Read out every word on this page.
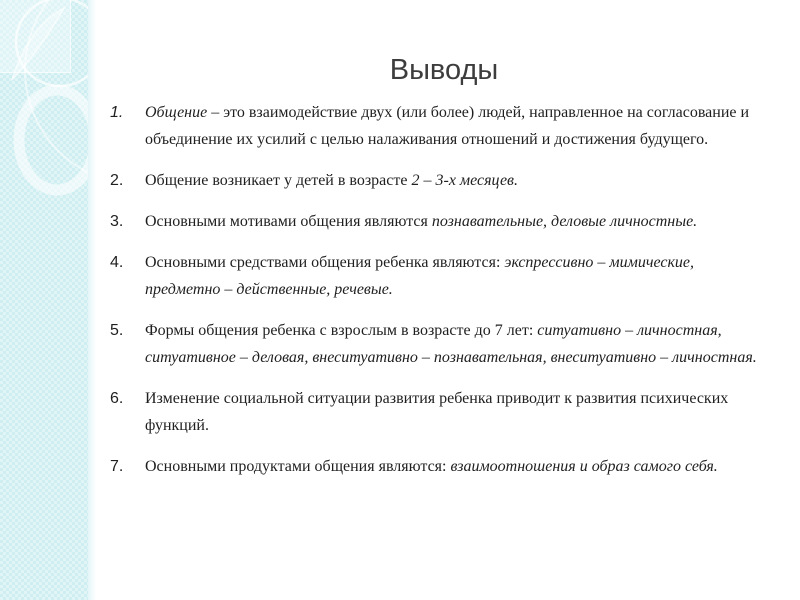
Выводы
1.	Общение – это взаимодействие двух (или более) людей, направленное на согласование и объединение их усилий с целью налаживания отношений и достижения будущего.
2.	Общение возникает у детей в возрасте 2 – 3-х месяцев.
3.	Основными мотивами общения являются познавательные, деловые личностные.
4.	Основными средствами общения ребенка являются: экспрессивно – мимические, предметно – действенные, речевые.
5.	Формы общения ребенка с взрослым в возрасте до 7 лет: ситуативно – личностная, ситуативное – деловая, внеситуативно – познавательная, внеситуативно – личностная.
6.	Изменение социальной ситуации развития ребенка приводит к развития психических функций.
7.	Основными продуктами общения являются: взаимоотношения и образ самого себя.
